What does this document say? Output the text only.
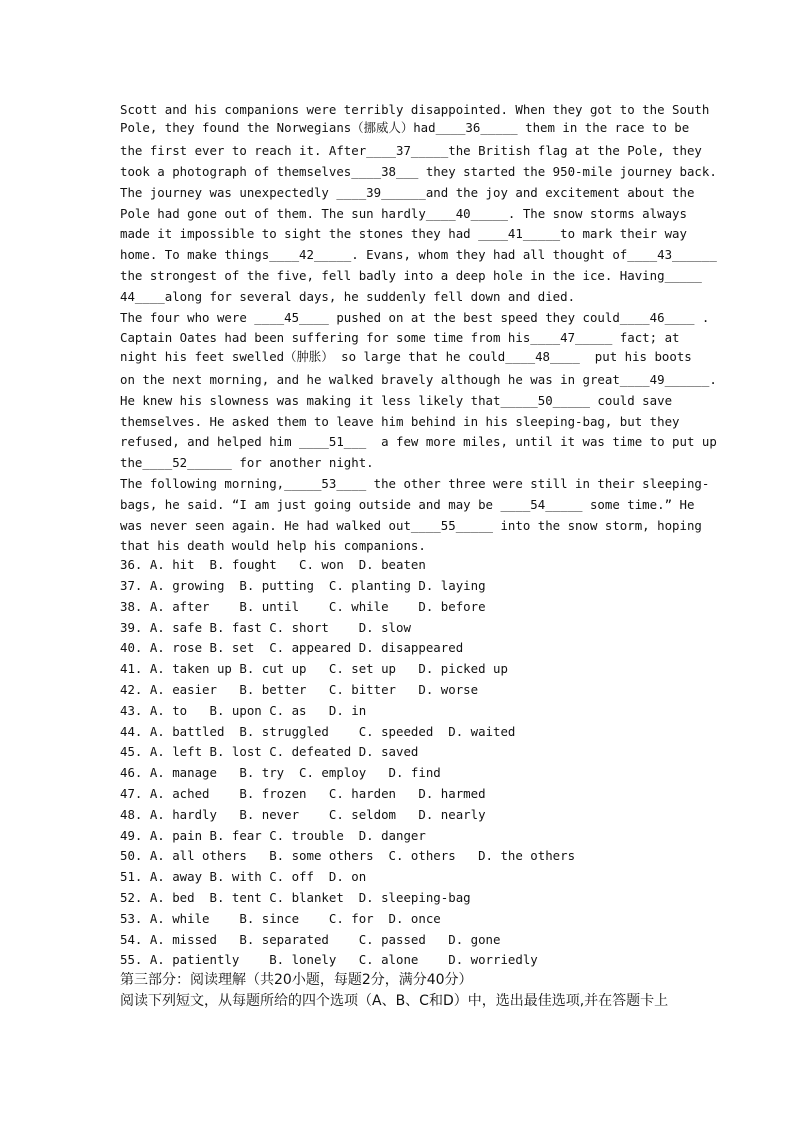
Scott and his companions were terribly disappointed. When they got to the South
Pole, they found the Norwegians（挪威人）had____36_____ them in the race to be
the first ever to reach it. After____37_____the British flag at the Pole, they
took a photograph of themselves____38___ they started the 950-mile journey back.
The journey was unexpectedly ____39______and the joy and excitement about the
Pole had gone out of them. The sun hardly____40_____. The snow storms always
made it impossible to sight the stones they had ____41_____to mark their way
home. To make things____42_____. Evans, whom they had all thought of____43______
the strongest of the five, fell badly into a deep hole in the ice. Having_____
44____along for several days, he suddenly fell down and died.
The four who were ____45____ pushed on at the best speed they could____46____ .
Captain Oates had been suffering for some time from his____47_____ fact; at
night his feet swelled（肿胀） so large that he could____48____  put his boots
on the next morning, and he walked bravely although he was in great____49______.
He knew his slowness was making it less likely that_____50_____ could save
themselves. He asked them to leave him behind in his sleeping-bag, but they
refused, and helped him ____51___  a few more miles, until it was time to put up
the____52______ for another night.
The following morning,_____53____ the other three were still in their sleeping-
bags, he said. “I am just going outside and may be ____54_____ some time.” He
was never seen again. He had walked out____55_____ into the snow storm, hoping
that his death would help his companions.
36. A. hit  B. fought   C. won  D. beaten
37. A. growing  B. putting  C. planting D. laying
38. A. after    B. until    C. while    D. before
39. A. safe B. fast C. short    D. slow
40. A. rose B. set  C. appeared D. disappeared
41. A. taken up B. cut up   C. set up   D. picked up
42. A. easier   B. better   C. bitter   D. worse
43. A. to   B. upon C. as   D. in
44. A. battled  B. struggled    C. speeded  D. waited
45. A. left B. lost C. defeated D. saved
46. A. manage   B. try  C. employ   D. find
47. A. ached    B. frozen   C. harden   D. harmed
48. A. hardly   B. never    C. seldom   D. nearly
49. A. pain B. fear C. trouble  D. danger
50. A. all others   B. some others  C. others   D. the others
51. A. away B. with C. off  D. on
52. A. bed  B. tent C. blanket  D. sleeping-bag
53. A. while    B. since    C. for  D. once
54. A. missed   B. separated    C. passed   D. gone
55. A. patiently    B. lonely   C. alone    D. worriedly
第三部分：阅读理解（共20小题，每题2分，满分40分）
阅读下列短文，从每题所给的四个选项（A、B、C和D）中，选出最佳选项,并在答题卡上
